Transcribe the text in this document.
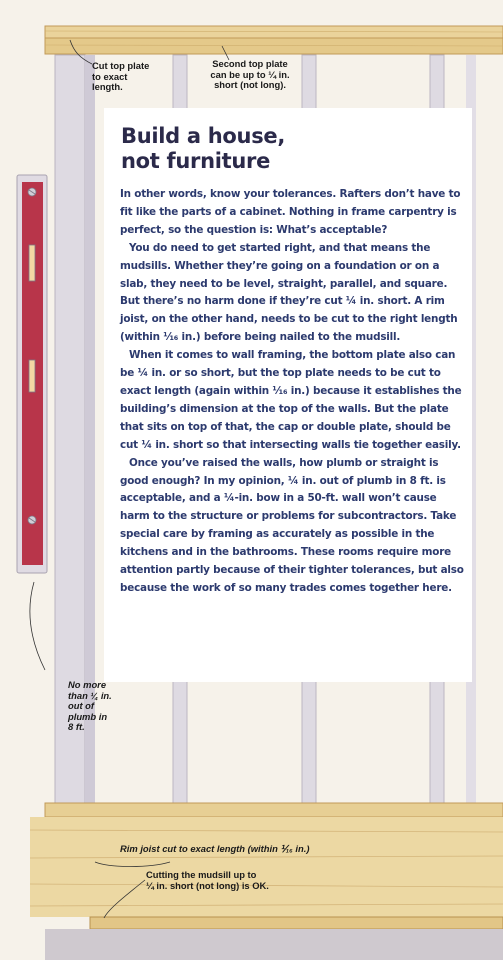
Build a house,
not furniture

In other words, know your tolerances. Rafters don’t have to fit like the parts of a cabinet. Nothing in frame carpentry is perfect, so the question is: What’s acceptable?

You do need to get started right, and that means the mudsills. Whether they’re going on a foundation or on a slab, they need to be level, straight, parallel, and square. But there’s no harm done if they’re cut ¼ in. short. A rim joist, on the other hand, needs to be cut to the right length (within ⅟₁₆ in.) before being nailed to the mudsill.

When it comes to wall framing, the bottom plate also can be ¼ in. or so short, but the top plate needs to be cut to exact length (again within ⅟₁₆ in.) because it establishes the building’s dimension at the top of the walls. But the plate that sits on top of that, the cap or double plate, should be cut ¼ in. short so that intersecting walls tie together easily.

Once you’ve raised the walls, how plumb or straight is good enough? In my opinion, ¼ in. out of plumb in 8 ft. is acceptable, and a ¼-in. bow in a 50-ft. wall won’t cause harm to the structure or problems for subcontractors. Take special care by framing as accurately as possible in the kitchens and in the bathrooms. These rooms require more attention partly because of their tighter tolerances, but also because the work of so many trades comes together here.

Cut top plate
to exact
length.
Second top plate
can be up to ¼ in.
short (not long).
No more
than ¼ in.
out of
plumb in
8 ft.
Rim joist cut to exact length (within ⅟₁₆ in.)
Cutting the mudsill up to
¼ in. short (not long) is OK.
